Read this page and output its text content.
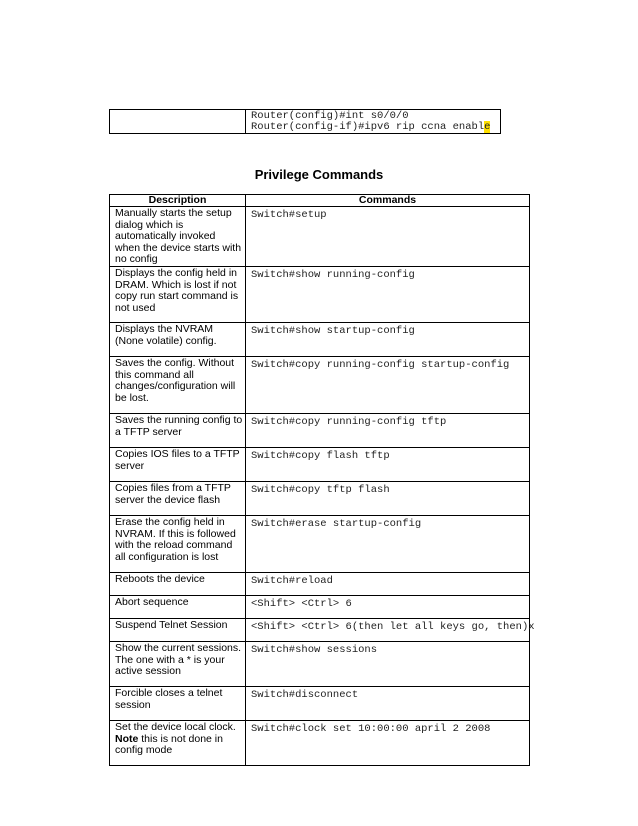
Router(config)#int s0/0/0
Router(config-if)#ipv6 rip ccna enable
Privilege Commands
Description	Commands
Manually starts the setup dialog which is automatically invoked when the device starts with no config	Switch#setup
Displays the config held in DRAM. Which is lost if not copy run start command is not used	Switch#show running-config
Displays the NVRAM (None volatile) config.	Switch#show startup-config
Saves the config. Without this command all changes/configuration will be lost.	Switch#copy running-config startup-config
Saves the running config to a TFTP server	Switch#copy running-config tftp
Copies IOS files to a TFTP server	Switch#copy flash tftp
Copies files from a TFTP server the device flash	Switch#copy tftp flash
Erase the config held in NVRAM. If this is followed with the reload command all configuration is lost	Switch#erase startup-config
Reboots the device	Switch#reload
Abort sequence	<Shift> <Ctrl> 6
Suspend Telnet Session	<Shift> <Ctrl> 6(then let all keys go, then)x
Show the current sessions. The one with a * is your active session	Switch#show sessions
Forcible closes a telnet session	Switch#disconnect
Set the device local clock. Note this is not done in config mode	Switch#clock set 10:00:00 april 2 2008
